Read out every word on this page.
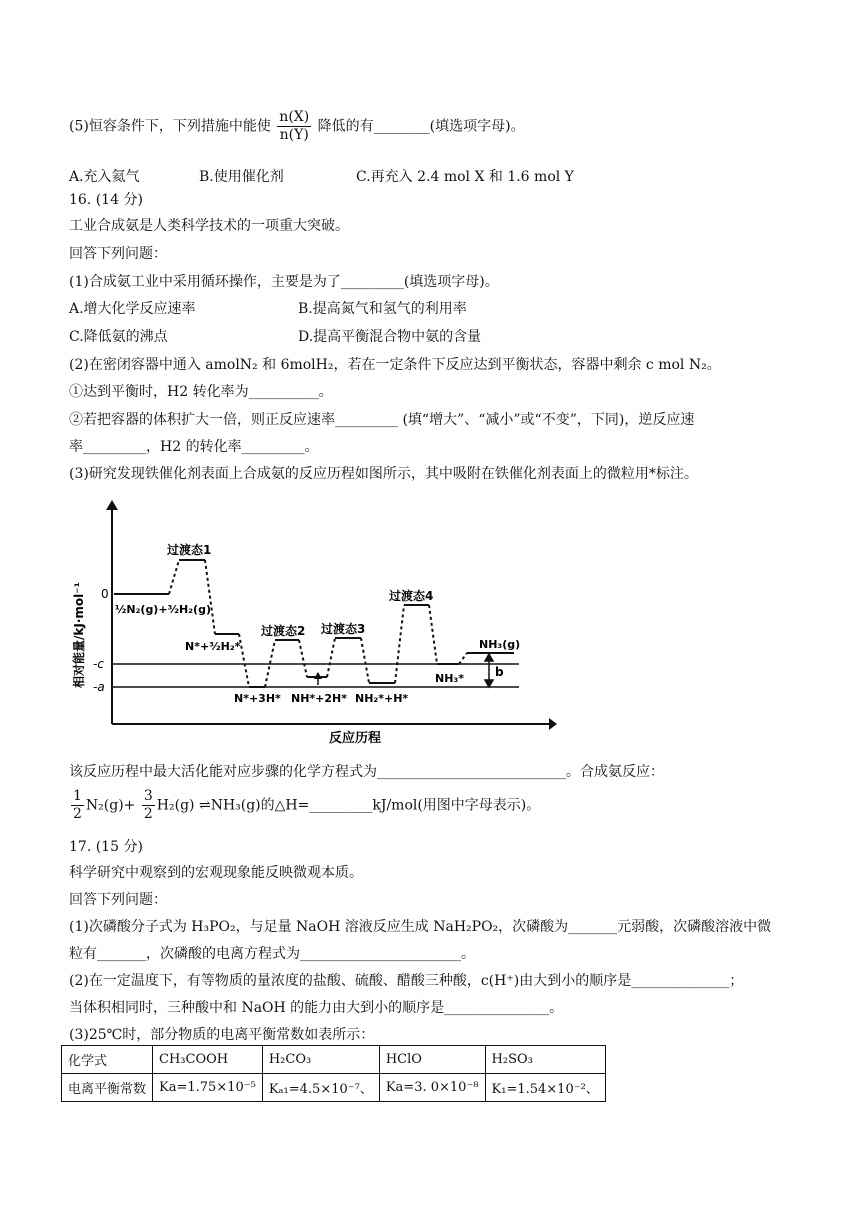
(5)恒容条件下，下列措施中能使 $\frac{n(X)}{n(Y)}$ 降低的有________(填选项字母)。
A.充入氦气	B.使用催化剂	C.再充入 2.4 mol X 和 1.6 mol Y
16. (14 分)
工业合成氨是人类科学技术的一项重大突破。
回答下列问题：
(1)合成氨工业中采用循环操作，主要是为了_________(填选项字母)。
A.增大化学反应速率	B.提高氮气和氢气的利用率
C.降低氨的沸点	D.提高平衡混合物中氨的含量
(2)在密闭容器中通入 amolN₂ 和 6molH₂，若在一定条件下反应达到平衡状态，容器中剩余 c mol N₂。
①达到平衡时，H2 转化率为__________。
②若把容器的体积扩大一倍，则正反应速率_________ (填“增大”、“减小”或“不变”，下同)，逆反应速
率_________，H2 的转化率_________。
(3)研究发现铁催化剂表面上合成氨的反应历程如图所示，其中吸附在铁催化剂表面上的微粒用*标注。
相对能量/kJ·mol⁻¹
反应历程
0
-c
-a
过渡态1
过渡态2 过渡态3
过渡态4
½N₂(g)+³⁄₂H₂(g)
N*+³⁄₂H₂*
N*+3H* NH*+2H* NH₂*+H*
NH₃*
NH₃(g)
b
该反应历程中最大活化能对应步骤的化学方程式为___________________________。合成氨反应：
$\frac{1}{2} N_2(g)+ \frac{3}{2} H_2(g)$ ⇌NH₃(g)的△H=_________kJ/mol(用图中字母表示)。
17. (15 分)
科学研究中观察到的宏观现象能反映微观本质。
回答下列问题：
(1)次磷酸分子式为 H₃PO₂，与足量 NaOH 溶液反应生成 NaH₂PO₂，次磷酸为_______元弱酸，次磷酸溶液中微
粒有_______，次磷酸的电离方程式为_______________________。
(2)在一定温度下，有等物质的量浓度的盐酸、硫酸、醋酸三种酸，c(H⁺)由大到小的顺序是______________；
当体积相同时，三种酸中和 NaOH 的能力由大到小的顺序是_______________。
(3)25℃时，部分物质的电离平衡常数如表所示：
化学式	CH₃COOH	H₂CO₃	HClO	H₂SO₃
电离平衡常数	Ka=1.75×10⁻⁵	Kₐ₁=4.5×10⁻⁷、	Ka=3. 0×10⁻⁸	K₁=1.54×10⁻²、
